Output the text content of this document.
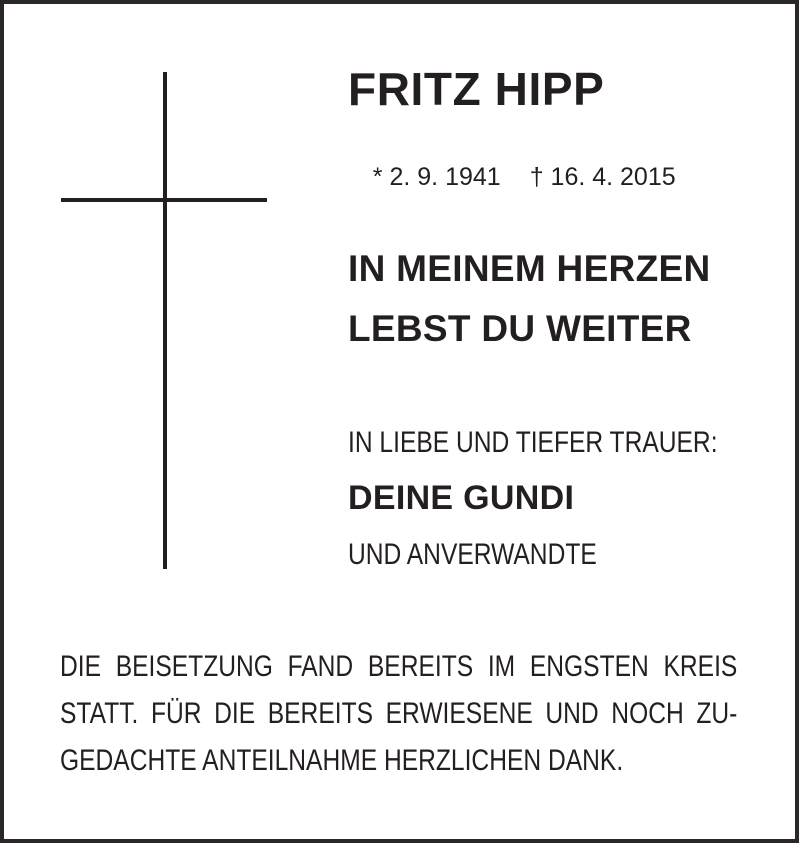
FRITZ HIPP

* 2. 9. 1941 † 16. 4. 2015

IN MEINEM HERZEN
LEBST DU WEITER
IN LIEBE UND TIEFER TRAUER:
DEINE GUNDI
UND ANVERWANDTE
DIE BEISETZUNG FAND BEREITS IM ENGSTEN KREIS
STATT. FÜR DIE BEREITS ERWIESENE UND NOCH ZU-
GEDACHTE ANTEILNAHME HERZLICHEN DANK.
